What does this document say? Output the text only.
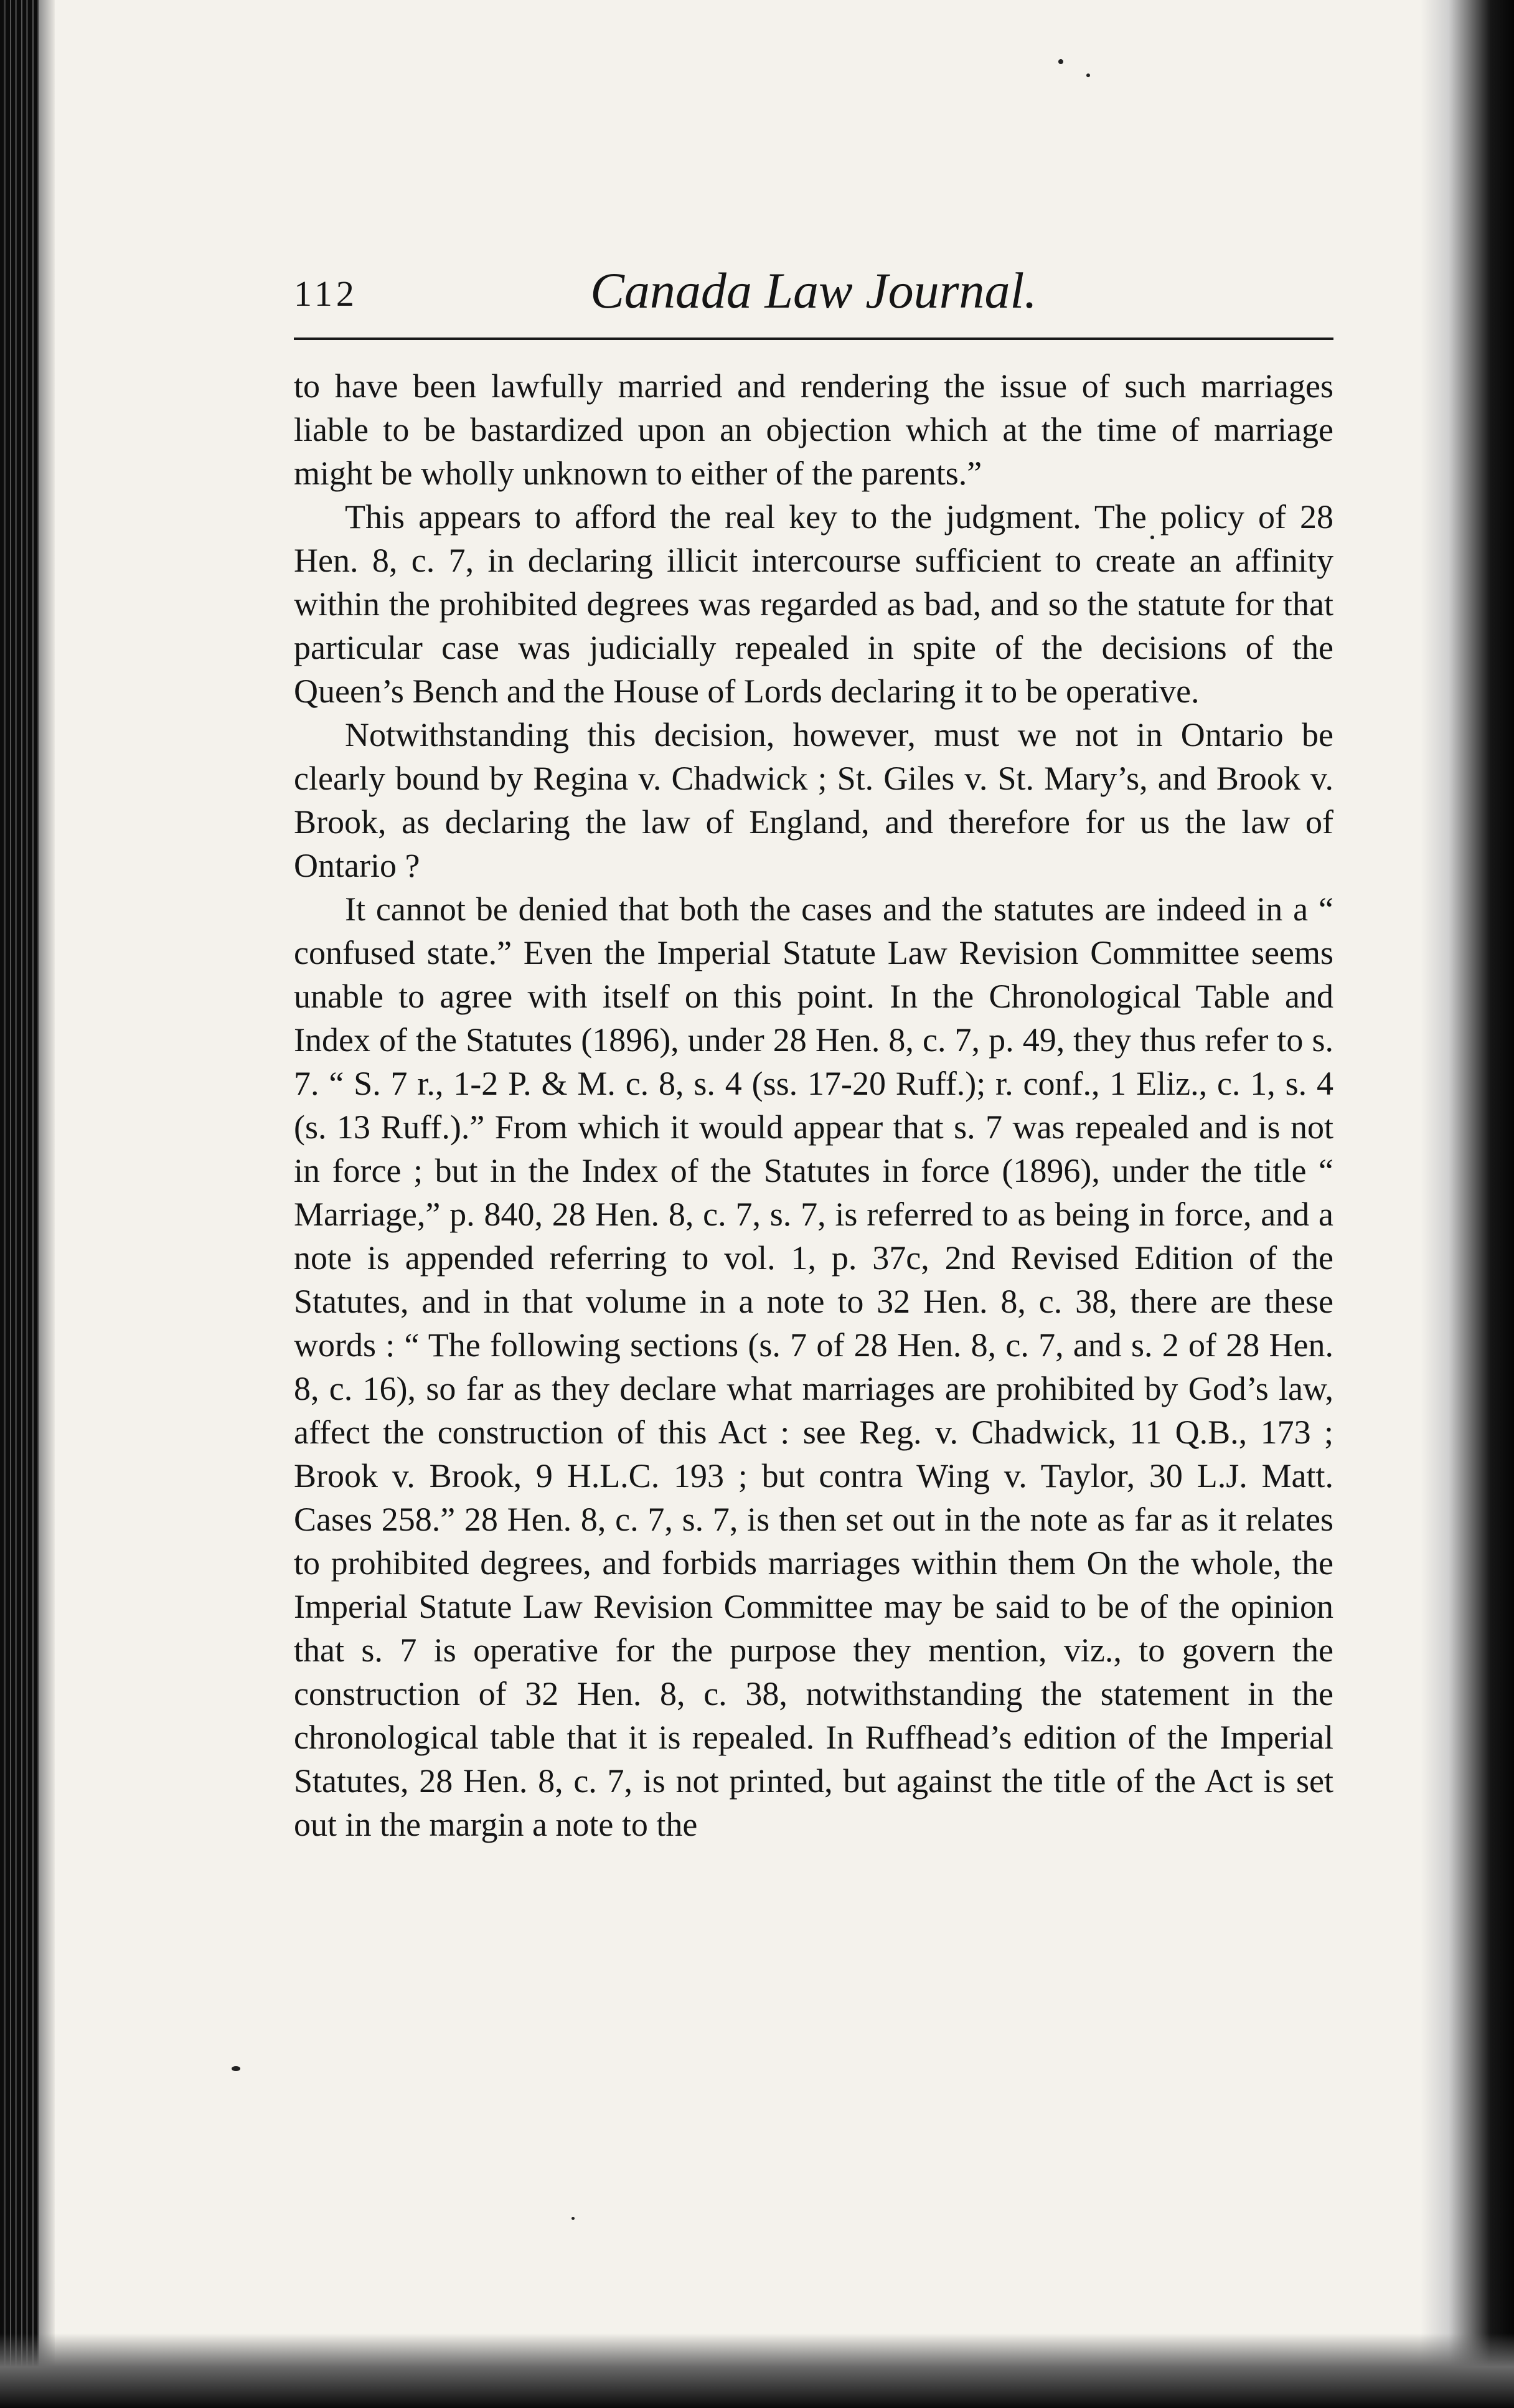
112	Canada Law Journal.

to have been lawfully married and rendering the issue of such marriages liable to be bastardized upon an objection which at the time of marriage might be wholly unknown to either of the parents.”

This appears to afford the real key to the judgment. The policy of 28 Hen. 8, c. 7, in declaring illicit intercourse sufficient to create an affinity within the prohibited degrees was regarded as bad, and so the statute for that particular case was judicially repealed in spite of the decisions of the Queen’s Bench and the House of Lords declaring it to be operative.

Notwithstanding this decision, however, must we not in Ontario be clearly bound by Regina v. Chadwick ; St. Giles v. St. Mary’s, and Brook v. Brook, as declaring the law of England, and therefore for us the law of Ontario ?

It cannot be denied that both the cases and the statutes are indeed in a “ confused state.” Even the Imperial Statute Law Revision Committee seems unable to agree with itself on this point. In the Chronological Table and Index of the Statutes (1896), under 28 Hen. 8, c. 7, p. 49, they thus refer to s. 7. “ S. 7 r., 1-2 P. & M. c. 8, s. 4 (ss. 17-20 Ruff.); r. conf., 1 Eliz., c. 1, s. 4 (s. 13 Ruff.).” From which it would appear that s. 7 was repealed and is not in force ; but in the Index of the Statutes in force (1896), under the title “ Marriage,” p. 840, 28 Hen. 8, c. 7, s. 7, is referred to as being in force, and a note is appended referring to vol. 1, p. 37c, 2nd Revised Edition of the Statutes, and in that volume in a note to 32 Hen. 8, c. 38, there are these words : “ The following sections (s. 7 of 28 Hen. 8, c. 7, and s. 2 of 28 Hen. 8, c. 16), so far as they declare what marriages are prohibited by God’s law, affect the construction of this Act : see Reg. v. Chadwick, 11 Q.B., 173 ; Brook v. Brook, 9 H.L.C. 193 ; but contra Wing v. Taylor, 30 L.J. Matt. Cases 258.” 28 Hen. 8, c. 7, s. 7, is then set out in the note as far as it relates to prohibited degrees, and forbids marriages within them On the whole, the Imperial Statute Law Revision Committee may be said to be of the opinion that s. 7 is operative for the purpose they mention, viz., to govern the construction of 32 Hen. 8, c. 38, notwithstanding the statement in the chronological table that it is repealed. In Ruffhead’s edition of the Imperial Statutes, 28 Hen. 8, c. 7, is not printed, but against the title of the Act is set out in the margin a note to the
